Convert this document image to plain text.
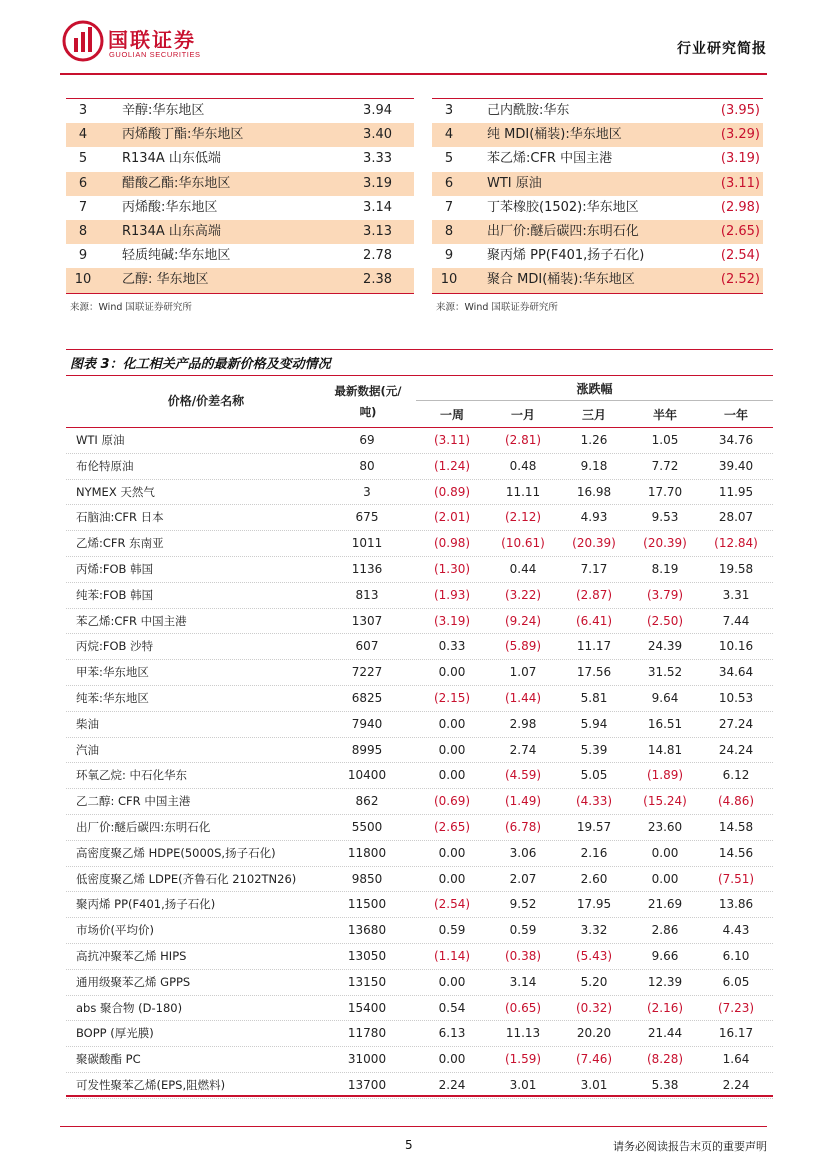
国联证券
GUOLIAN SECURITIES	行业研究简报
3	辛醇:华东地区	3.94
4	丙烯酸丁酯:华东地区	3.40
5	R134A 山东低端	3.33
6	醋酸乙酯:华东地区	3.19
7	丙烯酸:华东地区	3.14
8	R134A 山东高端	3.13
9	轻质纯碱:华东地区	2.78
10	乙醇: 华东地区	2.38
3	己内酰胺:华东	(3.95)
4	纯 MDI(桶装):华东地区	(3.29)
5	苯乙烯:CFR 中国主港	(3.19)
6	WTI 原油	(3.11)
7	丁苯橡胶(1502):华东地区	(2.98)
8	出厂价:醚后碳四:东明石化	(2.65)
9	聚丙烯 PP(F401,扬子石化)	(2.54)
10	聚合 MDI(桶装):华东地区	(2.52)
来源：Wind 国联证券研究所	来源：Wind 国联证券研究所
图表 3：化工相关产品的最新价格及变动情况
价格/价差名称
最新数据(元/
吨)
涨跌幅
一周	一月	三月	半年	一年
WTI 原油	69	(3.11)	(2.81)	1.26	1.05	34.76
布伦特原油	80	(1.24)	0.48	9.18	7.72	39.40
NYMEX 天然气	3	(0.89)	11.11	16.98	17.70	11.95
石脑油:CFR 日本	675	(2.01)	(2.12)	4.93	9.53	28.07
乙烯:CFR 东南亚	1011	(0.98)	(10.61)	(20.39)	(20.39)	(12.84)
丙烯:FOB 韩国	1136	(1.30)	0.44	7.17	8.19	19.58
纯苯:FOB 韩国	813	(1.93)	(3.22)	(2.87)	(3.79)	3.31
苯乙烯:CFR 中国主港	1307	(3.19)	(9.24)	(6.41)	(2.50)	7.44
丙烷:FOB 沙特	607	0.33	(5.89)	11.17	24.39	10.16
甲苯:华东地区	7227	0.00	1.07	17.56	31.52	34.64
纯苯:华东地区	6825	(2.15)	(1.44)	5.81	9.64	10.53
柴油	7940	0.00	2.98	5.94	16.51	27.24
汽油	8995	0.00	2.74	5.39	14.81	24.24
环氧乙烷: 中石化华东	10400	0.00	(4.59)	5.05	(1.89)	6.12
乙二醇: CFR 中国主港	862	(0.69)	(1.49)	(4.33)	(15.24)	(4.86)
出厂价:醚后碳四:东明石化	5500	(2.65)	(6.78)	19.57	23.60	14.58
高密度聚乙烯 HDPE(5000S,扬子石化)	11800	0.00	3.06	2.16	0.00	14.56
低密度聚乙烯 LDPE(齐鲁石化 2102TN26)	9850	0.00	2.07	2.60	0.00	(7.51)
聚丙烯 PP(F401,扬子石化)	11500	(2.54)	9.52	17.95	21.69	13.86
市场价(平均价)	13680	0.59	0.59	3.32	2.86	4.43
高抗冲聚苯乙烯 HIPS	13050	(1.14)	(0.38)	(5.43)	9.66	6.10
通用级聚苯乙烯 GPPS	13150	0.00	3.14	5.20	12.39	6.05
abs 聚合物 (D-180)	15400	0.54	(0.65)	(0.32)	(2.16)	(7.23)
BOPP (厚光膜)	11780	6.13	11.13	20.20	21.44	16.17
聚碳酸酯 PC	31000	0.00	(1.59)	(7.46)	(8.28)	1.64
可发性聚苯乙烯(EPS,阻燃料)	13700	2.24	3.01	3.01	5.38	2.24
5	请务必阅读报告末页的重要声明
